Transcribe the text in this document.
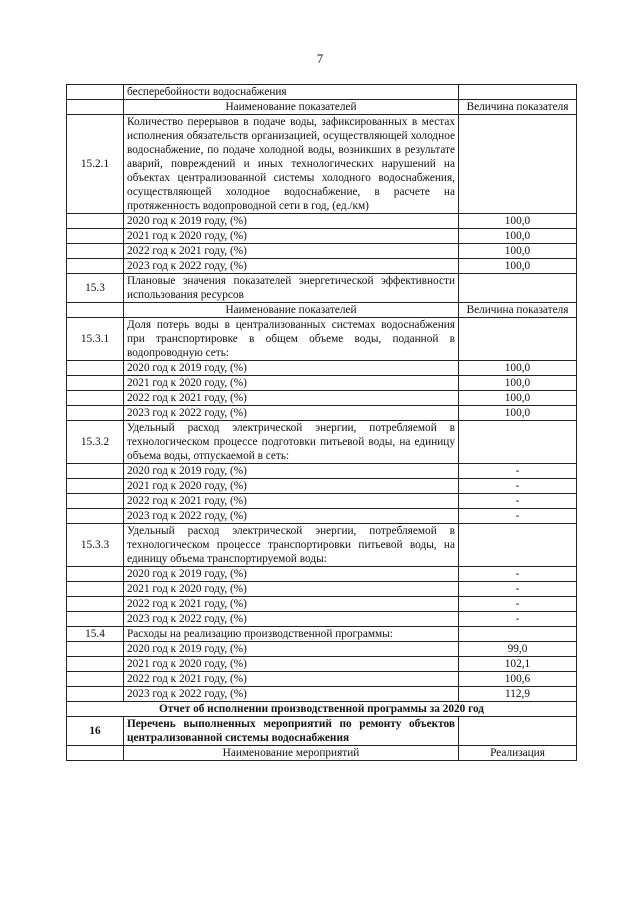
7
	бесперебойности водоснабжения	
	Наименование показателей	Величина показателя
15.2.1	Количество перерывов в подаче воды, зафиксированных в местах исполнения обязательств организацией, осуществляющей холодное водоснабжение, по подаче холодной воды, возникших в результате аварий, повреждений и иных технологических нарушений на объектах централизованной системы холодного водоснабжения, осуществляющей холодное водоснабжение, в расчете на протяженность водопроводной сети в год, (ед./км)	
	2020 год к 2019 году, (%)	100,0
	2021 год к 2020 году, (%)	100,0
	2022 год к 2021 году, (%)	100,0
	2023 год к 2022 году, (%)	100,0
15.3	Плановые значения показателей энергетической эффективности использования ресурсов	
	Наименование показателей	Величина показателя
15.3.1	Доля потерь воды в централизованных системах водоснабжения при транспортировке в общем объеме воды, поданной в водопроводную сеть:	
	2020 год к 2019 году, (%)	100,0
	2021 год к 2020 году, (%)	100,0
	2022 год к 2021 году, (%)	100,0
	2023 год к 2022 году, (%)	100,0
15.3.2	Удельный расход электрической энергии, потребляемой в технологическом процессе подготовки питьевой воды, на единицу объема воды, отпускаемой в сеть:	
	2020 год к 2019 году, (%)	-
	2021 год к 2020 году, (%)	-
	2022 год к 2021 году, (%)	-
	2023 год к 2022 году, (%)	-
15.3.3	Удельный расход электрической энергии, потребляемой в технологическом процессе транспортировки питьевой воды, на единицу объема транспортируемой воды:	
	2020 год к 2019 году, (%)	-
	2021 год к 2020 году, (%)	-
	2022 год к 2021 году, (%)	-
	2023 год к 2022 году, (%)	-
15.4	Расходы на реализацию производственной программы:	
	2020 год к 2019 году, (%)	99,0
	2021 год к 2020 году, (%)	102,1
	2022 год к 2021 году, (%)	100,6
	2023 год к 2022 году, (%)	112,9
Отчет об исполнении производственной программы за 2020 год		
16	Перечень выполненных мероприятий по ремонту объектов централизованной системы водоснабжения	
	Наименование мероприятий	Реализация
